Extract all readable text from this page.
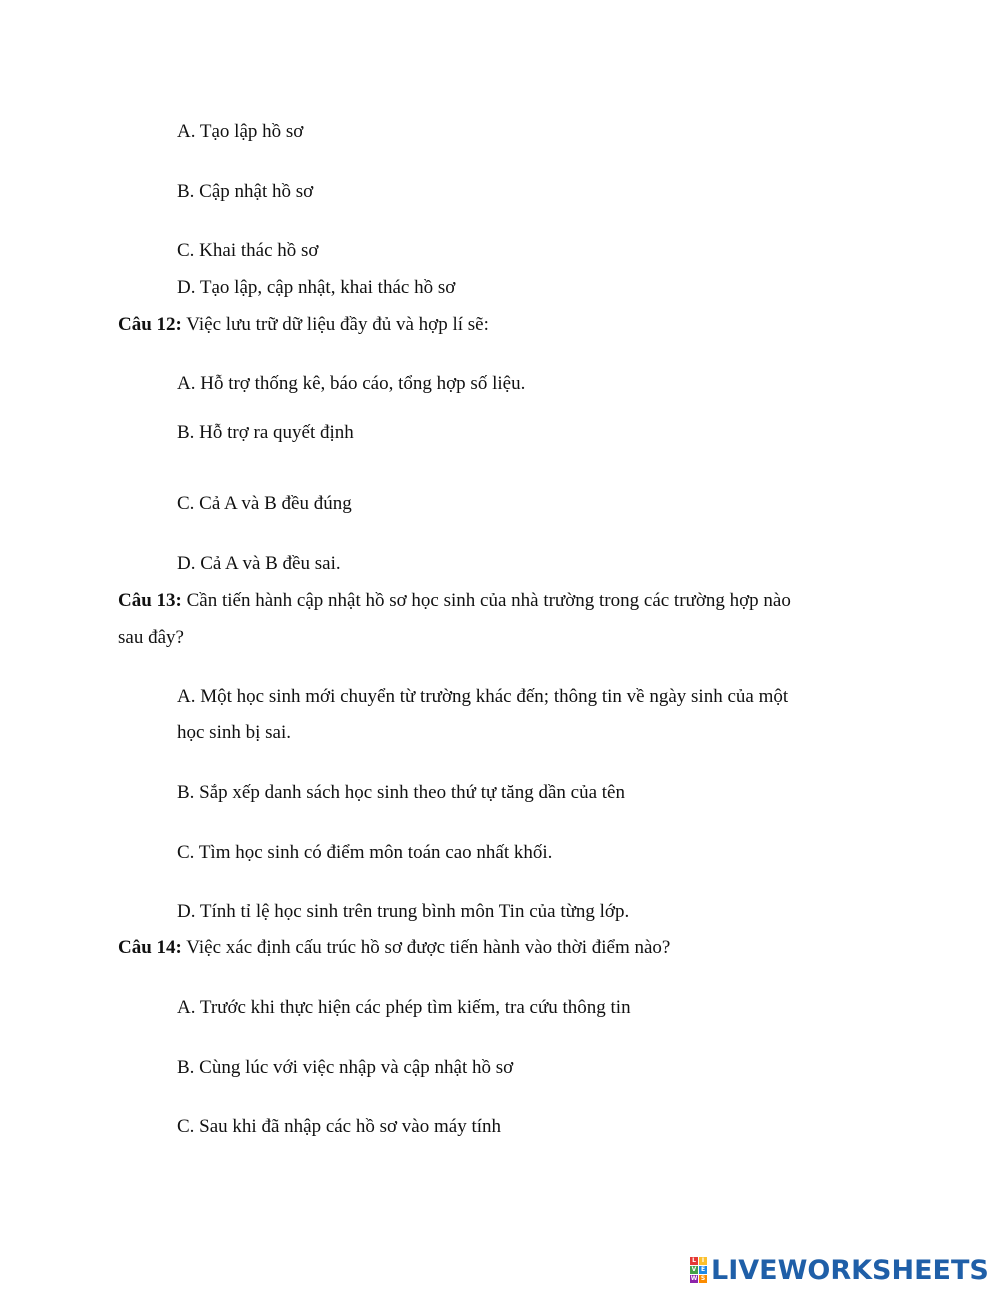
A. Tạo lập hồ sơ
B. Cập nhật hồ sơ
C. Khai thác hồ sơ
D. Tạo lập, cập nhật, khai thác hồ sơ
Câu 12: Việc lưu trữ dữ liệu đầy đủ và hợp lí sẽ:
A. Hỗ trợ thống kê, báo cáo, tổng hợp số liệu.
B. Hỗ trợ ra quyết định
C. Cả A và B đều đúng
D. Cả A và B đều sai.
Câu 13: Cần tiến hành cập nhật hồ sơ học sinh của nhà trường trong các trường hợp nào
sau đây?
A. Một học sinh mới chuyển từ trường khác đến; thông tin về ngày sinh của một
học sinh bị sai.
B. Sắp xếp danh sách học sinh theo thứ tự tăng dần của tên
C. Tìm học sinh có điểm môn toán cao nhất khối.
D. Tính tỉ lệ học sinh trên trung bình môn Tin của từng lớp.
Câu 14: Việc xác định cấu trúc hồ sơ được tiến hành vào thời điểm nào?
A. Trước khi thực hiện các phép tìm kiếm, tra cứu thông tin
B. Cùng lúc với việc nhập và cập nhật hồ sơ
C. Sau khi đã nhập các hồ sơ vào máy tính
L I
V E
W S LIVEWORKSHEETS
